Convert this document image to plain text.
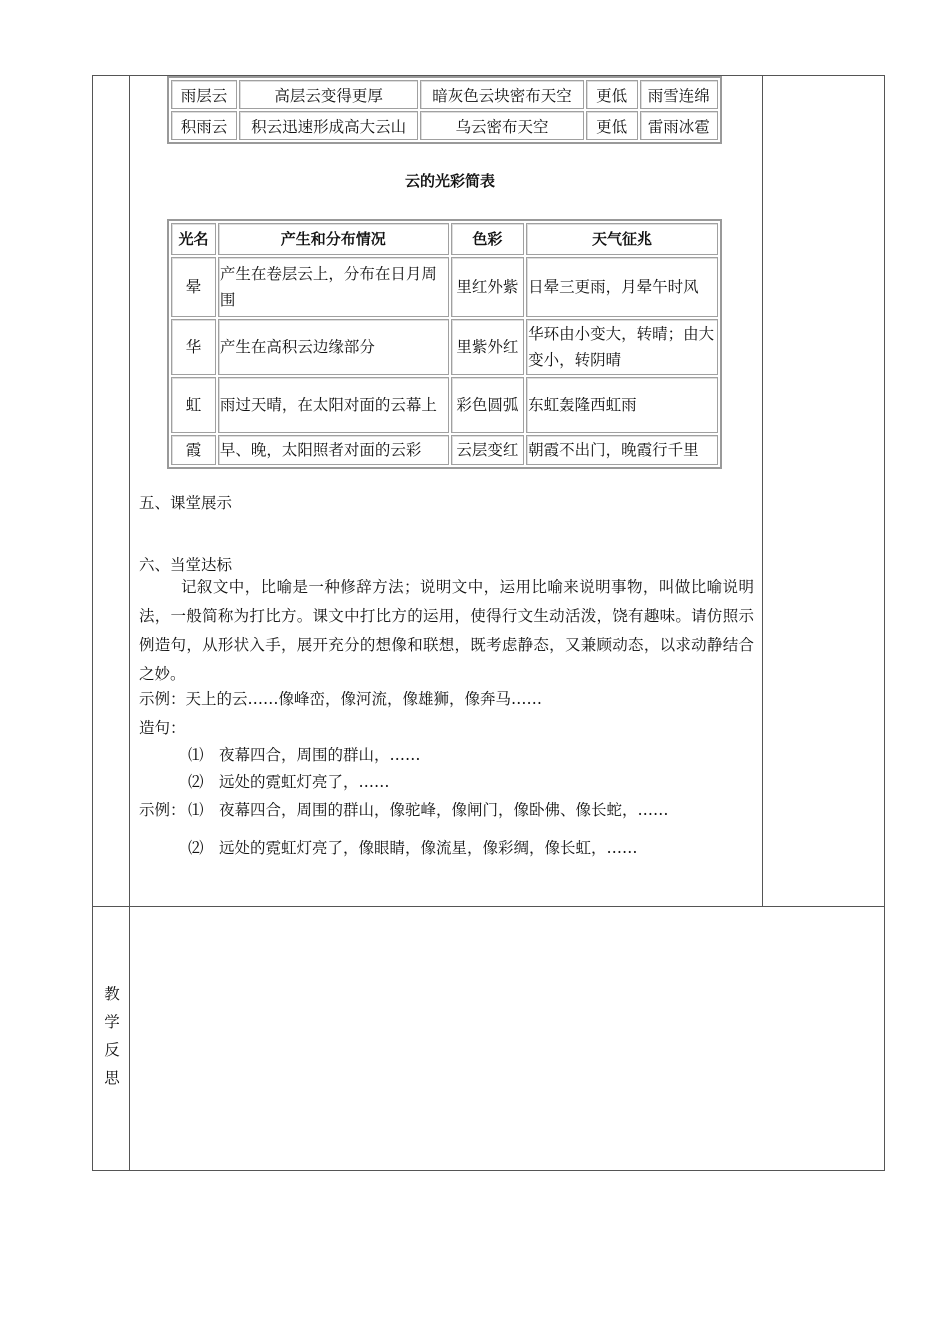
雨层云	高层云变得更厚	暗灰色云块密布天空	更低	雨雪连绵
积雨云	积云迅速形成高大云山	乌云密布天空	更低	雷雨冰雹
云的光彩简表
光名	产生和分布情况	色彩	天气征兆
晕	产生在卷层云上，分布在日月周围	里红外紫	日晕三更雨，月晕午时风
华	产生在高积云边缘部分	里紫外红	华环由小变大，转晴；由大变小，转阴晴
虹	雨过天晴，在太阳对面的云幕上	彩色圆弧	东虹轰隆西虹雨
霞	早、晚，太阳照者对面的云彩	云层变红	朝霞不出门，晚霞行千里
五、课堂展示
六、当堂达标
记叙文中，比喻是一种修辞方法；说明文中，运用比喻来说明事物，叫做比喻说明法，一般简称为打比方。课文中打比方的运用，使得行文生动活泼，饶有趣味。请仿照示例造句，从形状入手，展开充分的想像和联想，既考虑静态，又兼顾动态，以求动静结合之妙。
示例：天上的云……像峰峦，像河流，像雄狮，像奔马……
造句：
⑴　夜幕四合，周围的群山，……
⑵　远处的霓虹灯亮了，……
示例： ⑴　夜幕四合，周围的群山，像驼峰，像闸门，像卧佛、像长蛇，……
⑵　远处的霓虹灯亮了，像眼睛，像流星，像彩绸，像长虹，……
教
学
反
思
